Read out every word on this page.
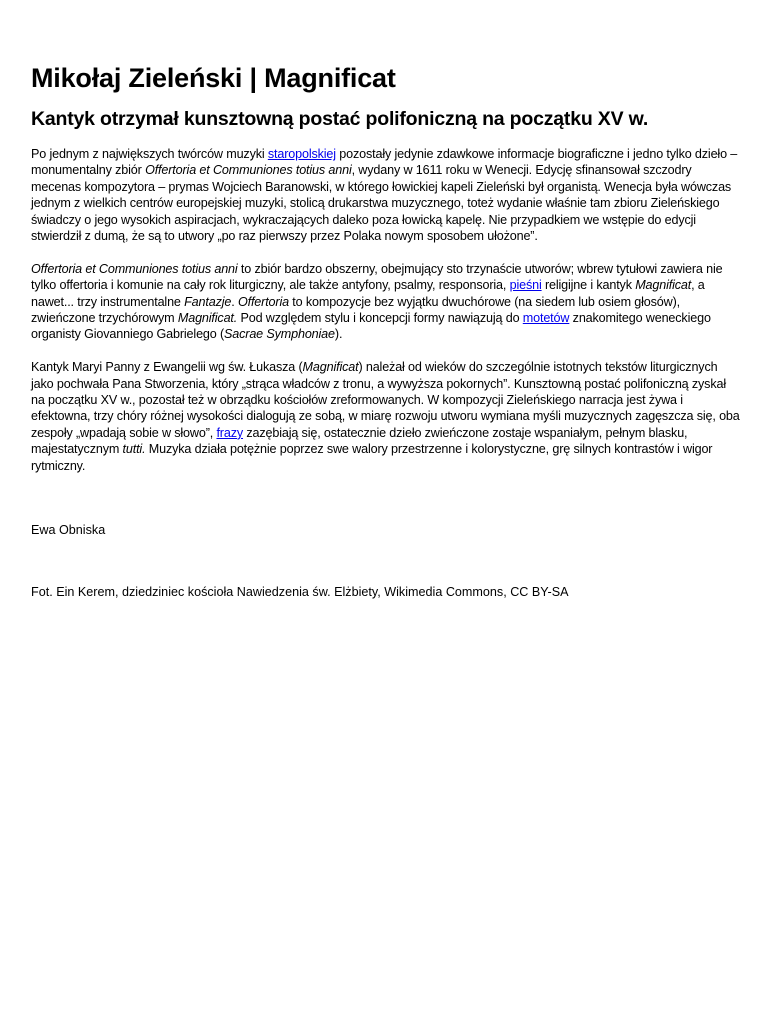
Mikołaj Zieleński | Magnificat
Kantyk otrzymał kunsztowną postać polifoniczną na początku XV w.

Po jednym z największych twórców muzyki staropolskiej pozostały jedynie zdawkowe informacje biograficzne i jedno tylko dzieło – monumentalny zbiór Offertoria et Communiones totius anni, wydany w 1611 roku w Wenecji. Edycję sfinansował szczodry mecenas kompozytora – prymas Wojciech Baranowski, w którego łowickiej kapeli Zieleński był organistą. Wenecja była wówczas jednym z wielkich centrów europejskiej muzyki, stolicą drukarstwa muzycznego, toteż wydanie właśnie tam zbioru Zieleńskiego świadczy o jego wysokich aspiracjach, wykraczających daleko poza łowicką kapelę. Nie przypadkiem we wstępie do edycji stwierdził z dumą, że są to utwory „po raz pierwszy przez Polaka nowym sposobem ułożone”.

Offertoria et Communiones totius anni to zbiór bardzo obszerny, obejmujący sto trzynaście utworów; wbrew tytułowi zawiera nie tylko offertoria i komunie na cały rok liturgiczny, ale także antyfony, psalmy, responsoria, pieśni religijne i kantyk Magnificat, a nawet... trzy instrumentalne Fantazje. Offertoria to kompozycje bez wyjątku dwuchórowe (na siedem lub osiem głosów), zwieńczone trzychórowym Magnificat. Pod względem stylu i koncepcji formy nawiązują do motetów znakomitego weneckiego organisty Giovanniego Gabrielego (Sacrae Symphoniae).

Kantyk Maryi Panny z Ewangelii wg św. Łukasza (Magnificat) należał od wieków do szczególnie istotnych tekstów liturgicznych jako pochwała Pana Stworzenia, który „strąca władców z tronu, a wywyższa pokornych”. Kunsztowną postać polifoniczną zyskał na początku XV w., pozostał też w obrządku kościołów zreformowanych. W kompozycji Zieleńskiego narracja jest żywa i efektowna, trzy chóry różnej wysokości dialogują ze sobą, w miarę rozwoju utworu wymiana myśli muzycznych zagęszcza się, oba zespoły „wpadają sobie w słowo”, frazy zazębiają się, ostatecznie dzieło zwieńczone zostaje wspaniałym, pełnym blasku, majestatycznym tutti. Muzyka działa potężnie poprzez swe walory przestrzenne i kolorystyczne, grę silnych kontrastów i wigor rytmiczny.

Ewa Obniska

Fot. Ein Kerem, dziedziniec kościoła Nawiedzenia św. Elżbiety, Wikimedia Commons, CC BY-SA
